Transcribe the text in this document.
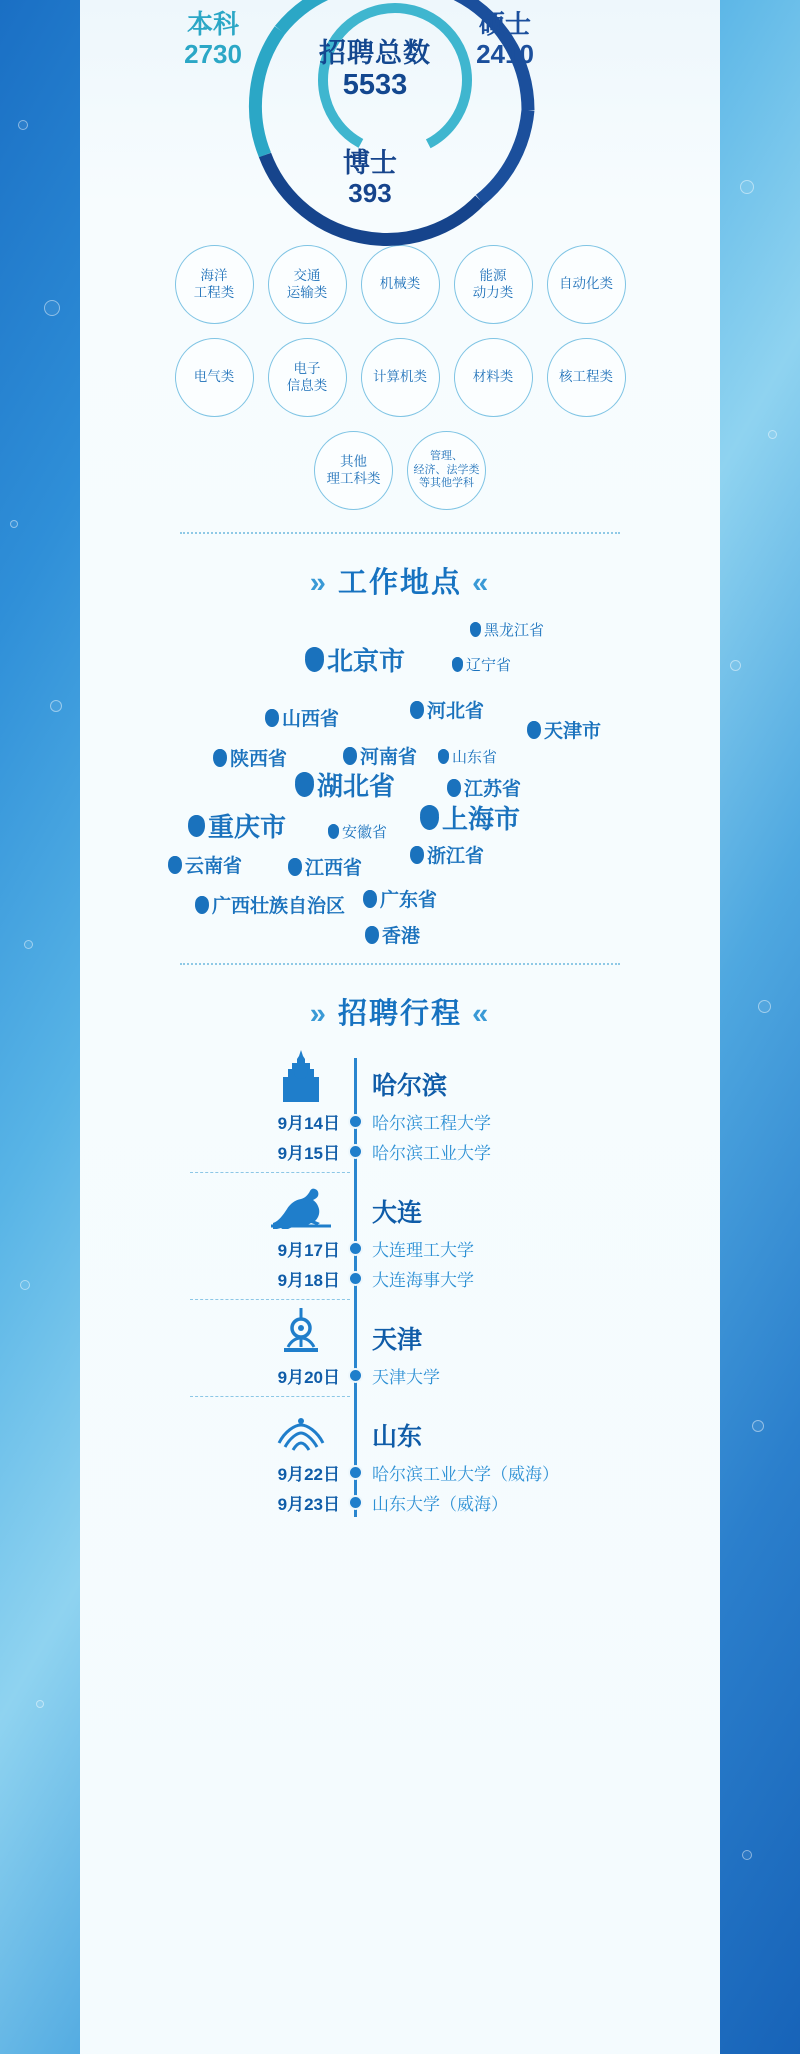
本科
2730
硕士
2410
博士
393
招聘总数
5533
海洋
工程类
交通
运输类
机械类
能源
动力类
自动化类
电气类
电子
信息类
计算机类	材料类	核工程类
其他
理工科类
管理、
经济、法学类
等其他学科
» 工作地点 «
黑龙江省
辽宁省
北京市
山西省	河北省
天津市
陕西省	河南省 山东省
江苏省
湖北省
重庆市	安徽省 上海市
云南省	江西省
浙江省
广西壮族自治区 广东省
香港
» 招聘行程 «
哈尔滨
9月14日 哈尔滨工程大学
9月15日 哈尔滨工业大学
大连
9月17日 大连理工大学
9月18日 大连海事大学
天津
9月20日 天津大学
山东
9月22日 哈尔滨工业大学（威海）
9月23日 山东大学（威海）
